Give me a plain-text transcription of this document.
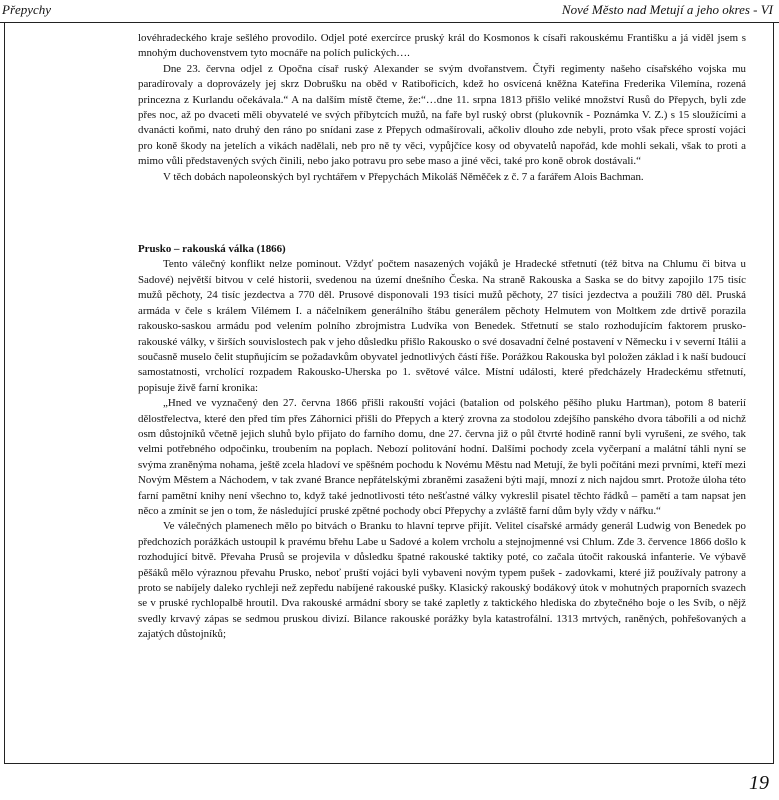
Přepychy	Nové Město nad Metují a jeho okres - VI

lovéhradeckého kraje sešlého provodilo. Odjel poté exercírce pruský král do Kosmonos k císaři rakouskému Františku a já viděl jsem s mnohým duchovenstvem tyto mocnáře na polích pulických….

Dne 23. června odjel z Opočna císař ruský Alexander se svým dvořanstvem. Čtyři regimenty našeho císařského vojska mu paradírovaly a doprovázely jej skrz Dobrušku na oběd v Ratibořicích, kdež ho osvícená kněžna Kateřina Frederika Vilemína, rozená princezna z Kurlandu očekávala.“ A na dalším místě čteme, že:“…dne 11. srpna 1813 přišlo veliké množství Rusů do Přepych, byli zde přes noc, až po dvaceti měli obyvatelé ve svých příbytcích mužů, na faře byl ruský obrst (plukovník - Poznámka V. Z.) s 15 sloužícími a dvanácti koňmi, nato druhý den ráno po snídani zase z Přepych odmašírovali, ačkoliv dlouho zde nebyli, proto však přece sprostí vojáci pro koně škody na jetelích a vikách nadělali, neb pro ně ty věci, vypůjčíce kosy od obyvatelů napořád, kde mohli sekali, však to proti a mimo vůli představených svých činili, nebo jako potravu pro sebe maso a jiné věci, také pro koně obrok dostávali.“

V těch dobách napoleonských byl rychtářem v Přepychách Mikoláš Něměček z č. 7 a farářem Alois Bachman.

Prusko – rakouská válka (1866)

Tento válečný konflikt nelze pominout. Vždyť počtem nasazených vojáků je Hradecké střetnutí (též bitva na Chlumu či bitva u Sadové) největší bitvou v celé historii, svedenou na území dnešního Česka. Na straně Rakouska a Saska se do bitvy zapojilo 175 tisíc mužů pěchoty, 24 tisíc jezdectva a 770 děl. Prusové disponovali 193 tisíci mužů pěchoty, 27 tisíci jezdectva a použili 780 děl. Pruská armáda v čele s králem Vilémem I. a náčelníkem generálního štábu generálem pěchoty Helmutem von Moltkem zde drtivě porazila rakousko-saskou armádu pod velením polního zbrojmistra Ludvíka von Benedek. Střetnutí se stalo rozhodujícím faktorem prusko-rakouské války, v širších souvislostech pak v jeho důsledku přišlo Rakousko o své dosavadní čelné postavení v Německu i v severní Itálii a současně muselo čelit stupňujícím se požadavkům obyvatel jednotlivých částí říše. Porážkou Rakouska byl položen základ i k naší budoucí samostatnosti, vrcholící rozpadem Rakousko-Uherska po 1. světové válce. Místní události, které předcházely Hradeckému střetnutí, popisuje živě farní kronika:

„Hned ve vyznačený den 27. června 1866 přišli rakouští vojáci (batalion od polského pěšího pluku Hartman), potom 8 baterií dělostřelectva, které den před tím přes Záhornici přišli do Přepych a který zrovna za stodolou zdejšího panského dvora tábořili a od nichž osm důstojníků včetně jejich sluhů bylo přijato do farního domu, dne 27. června již o půl čtvrté hodině ranní byli vyrušeni, ze svého, tak velmi potřebného odpočinku, troubením na poplach. Nebozí politování hodní. Dalšími pochody zcela vyčerpaní a malátní táhli nyní se svýma zraněnýma nohama, ještě zcela hladoví ve spěšném pochodu k Novému Městu nad Metují, že byli počítáni mezi prvními, kteří mezi Novým Městem a Náchodem, v tak zvané Brance nepřátelskými zbraněmi zasaženi býti mají, mnozí z nich najdou smrt. Protože úloha této farní pamětní knihy není všechno to, když také jednotlivosti této nešťastné války vykreslil pisatel těchto řádků – pamětí a tam napsat jen něco a zmínit se jen o tom, že následující pruské zpětné pochody obcí Přepychy a zvláště farní dům byly vždy v nářku.“

Ve válečných plamenech mělo po bitvách o Branku to hlavní teprve přijít. Velitel císařské armády generál Ludwig von Benedek po předchozích porážkách ustoupil k pravému břehu Labe u Sadové a kolem vrcholu a stejnojmenné vsi Chlum. Zde 3. července 1866 došlo k rozhodující bitvě. Převaha Prusů se projevila v důsledku špatné rakouské taktiky poté, co začala útočit rakouská infanterie. Ve výbavě pěšáků mělo výraznou převahu Prusko, neboť pruští vojáci byli vybaveni novým typem pušek - zadovkami, které již používaly patrony a proto se nabíjely daleko rychleji než zepředu nabíjené rakouské pušky. Klasický rakouský bodákový útok v mohutných praporních svazech se v pruské rychlopalbě hroutil. Dva rakouské armádní sbory se také zapletly z taktického hlediska do zbytečného boje o les Svíb, o nějž svedly krvavý zápas se sedmou pruskou divizí. Bilance rakouské porážky byla katastrofální. 1313 mrtvých, raněných, pohřešovaných a zajatých důstojníků;

19
